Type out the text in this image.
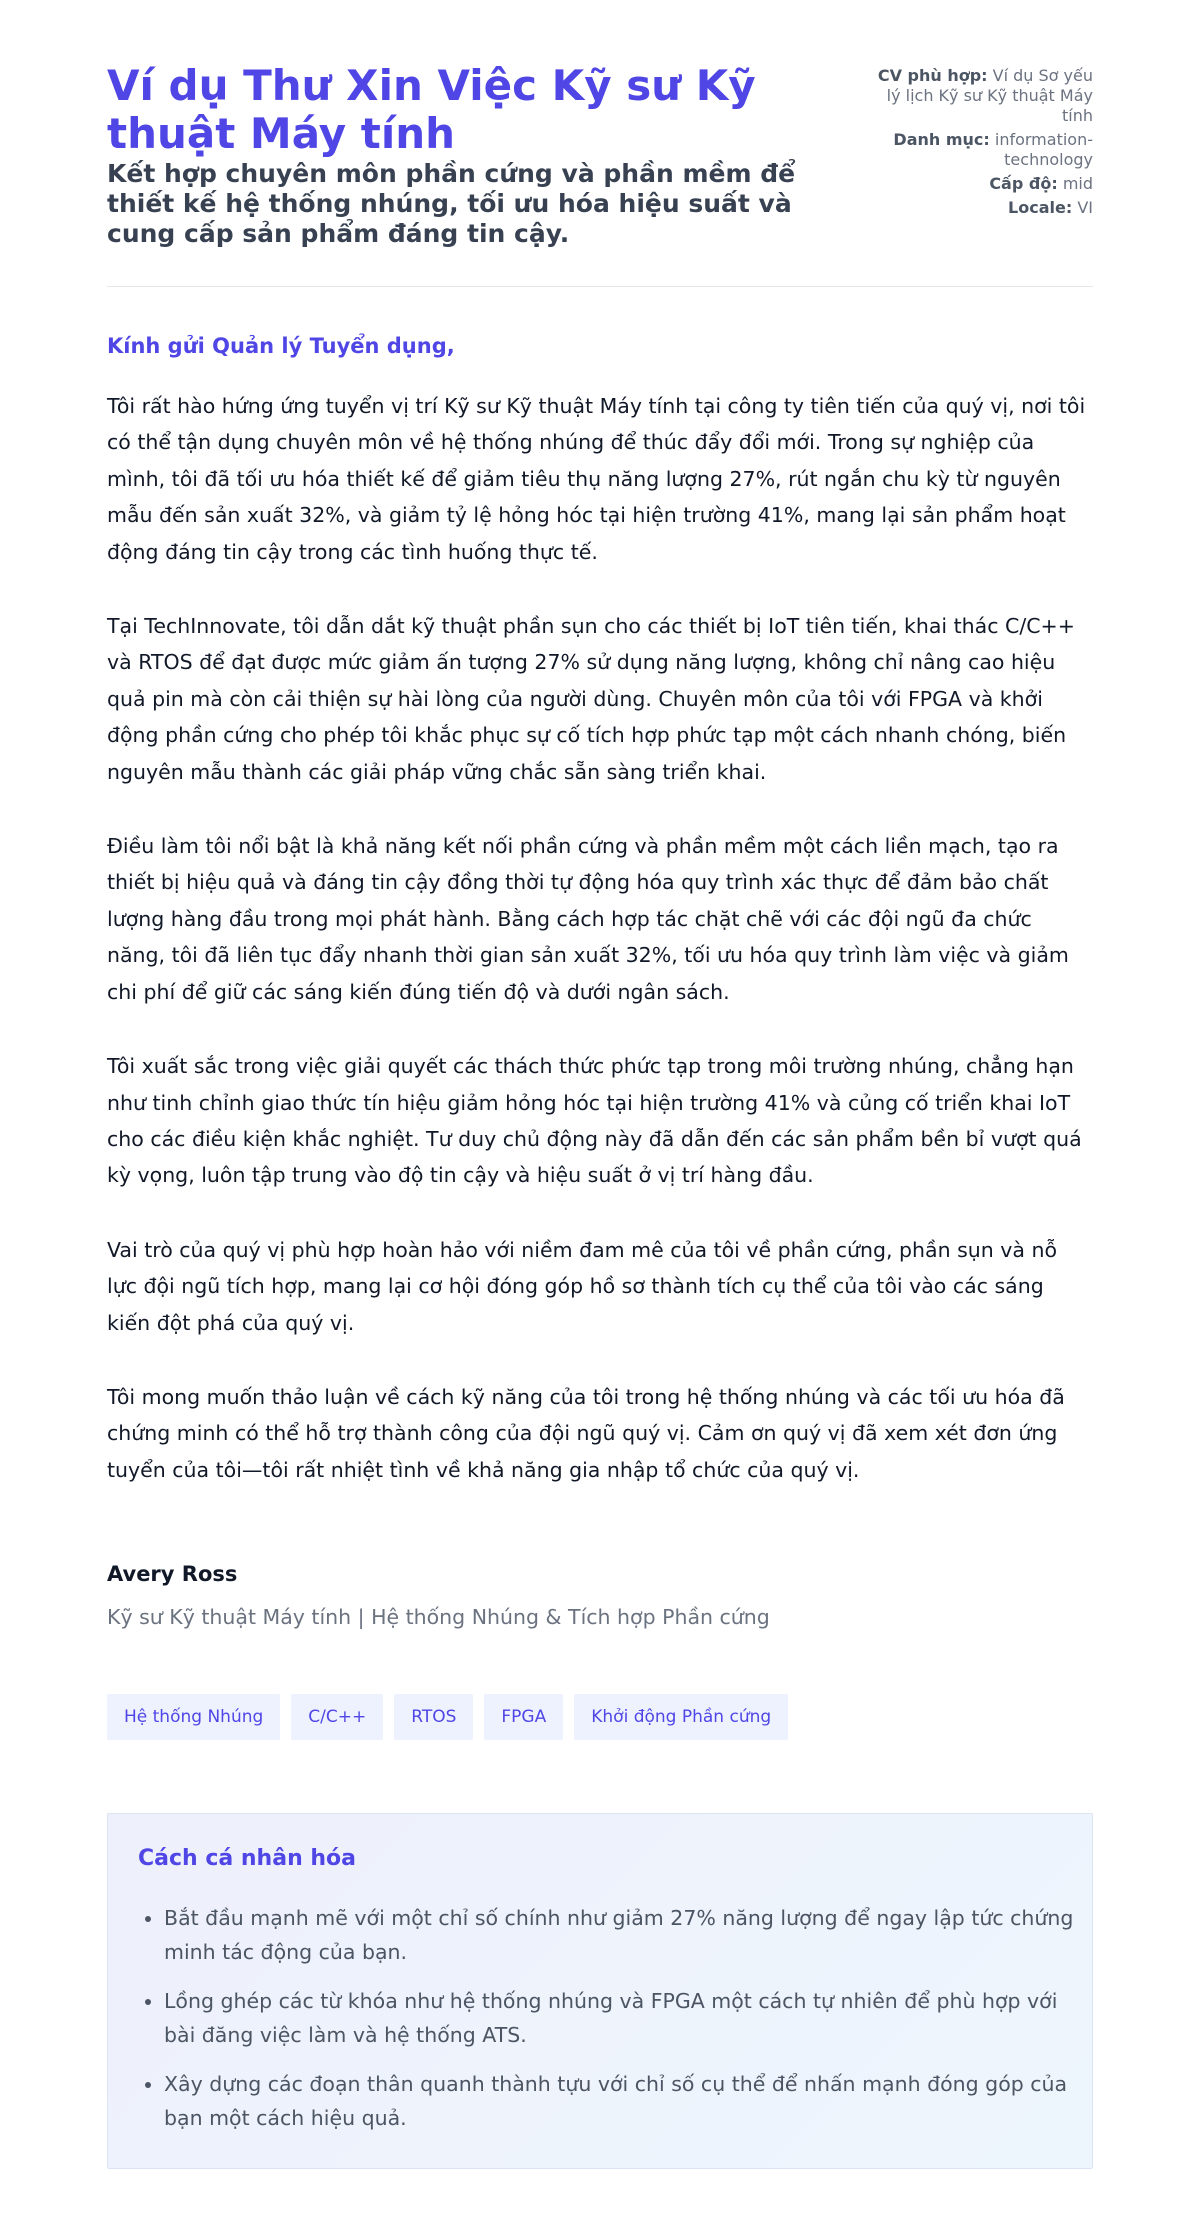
Ví dụ Thư Xin Việc Kỹ sư Kỹ thuật Máy tính
Kết hợp chuyên môn phần cứng và phần mềm để thiết kế hệ thống nhúng, tối ưu hóa hiệu suất và cung cấp sản phẩm đáng tin cậy.
CV phù hợp: Ví dụ Sơ yếu lý lịch Kỹ sư Kỹ thuật Máy tính
Danh mục: information-technology
Cấp độ: mid
Locale: VI

Kính gửi Quản lý Tuyển dụng,

Tôi rất hào hứng ứng tuyển vị trí Kỹ sư Kỹ thuật Máy tính tại công ty tiên tiến của quý vị, nơi tôi có thể tận dụng chuyên môn về hệ thống nhúng để thúc đẩy đổi mới. Trong sự nghiệp của mình, tôi đã tối ưu hóa thiết kế để giảm tiêu thụ năng lượng 27%, rút ngắn chu kỳ từ nguyên mẫu đến sản xuất 32%, và giảm tỷ lệ hỏng hóc tại hiện trường 41%, mang lại sản phẩm hoạt động đáng tin cậy trong các tình huống thực tế.

Tại TechInnovate, tôi dẫn dắt kỹ thuật phần sụn cho các thiết bị IoT tiên tiến, khai thác C/C++ và RTOS để đạt được mức giảm ấn tượng 27% sử dụng năng lượng, không chỉ nâng cao hiệu quả pin mà còn cải thiện sự hài lòng của người dùng. Chuyên môn của tôi với FPGA và khởi động phần cứng cho phép tôi khắc phục sự cố tích hợp phức tạp một cách nhanh chóng, biến nguyên mẫu thành các giải pháp vững chắc sẵn sàng triển khai.

Điều làm tôi nổi bật là khả năng kết nối phần cứng và phần mềm một cách liền mạch, tạo ra thiết bị hiệu quả và đáng tin cậy đồng thời tự động hóa quy trình xác thực để đảm bảo chất lượng hàng đầu trong mọi phát hành. Bằng cách hợp tác chặt chẽ với các đội ngũ đa chức năng, tôi đã liên tục đẩy nhanh thời gian sản xuất 32%, tối ưu hóa quy trình làm việc và giảm chi phí để giữ các sáng kiến đúng tiến độ và dưới ngân sách.

Tôi xuất sắc trong việc giải quyết các thách thức phức tạp trong môi trường nhúng, chẳng hạn như tinh chỉnh giao thức tín hiệu giảm hỏng hóc tại hiện trường 41% và củng cố triển khai IoT cho các điều kiện khắc nghiệt. Tư duy chủ động này đã dẫn đến các sản phẩm bền bỉ vượt quá kỳ vọng, luôn tập trung vào độ tin cậy và hiệu suất ở vị trí hàng đầu.

Vai trò của quý vị phù hợp hoàn hảo với niềm đam mê của tôi về phần cứng, phần sụn và nỗ lực đội ngũ tích hợp, mang lại cơ hội đóng góp hồ sơ thành tích cụ thể của tôi vào các sáng kiến đột phá của quý vị.

Tôi mong muốn thảo luận về cách kỹ năng của tôi trong hệ thống nhúng và các tối ưu hóa đã chứng minh có thể hỗ trợ thành công của đội ngũ quý vị. Cảm ơn quý vị đã xem xét đơn ứng tuyển của tôi—tôi rất nhiệt tình về khả năng gia nhập tổ chức của quý vị.

Avery Ross

Kỹ sư Kỹ thuật Máy tính | Hệ thống Nhúng & Tích hợp Phần cứng

Hệ thống Nhúng	C/C++	RTOS	FPGA	Khởi động Phần cứng
Cách cá nhân hóa
• Bắt đầu mạnh mẽ với một chỉ số chính như giảm 27% năng lượng để ngay lập tức chứng minh tác động của bạn.
• Lồng ghép các từ khóa như hệ thống nhúng và FPGA một cách tự nhiên để phù hợp với bài đăng việc làm và hệ thống ATS.
• Xây dựng các đoạn thân quanh thành tựu với chỉ số cụ thể để nhấn mạnh đóng góp của bạn một cách hiệu quả.
